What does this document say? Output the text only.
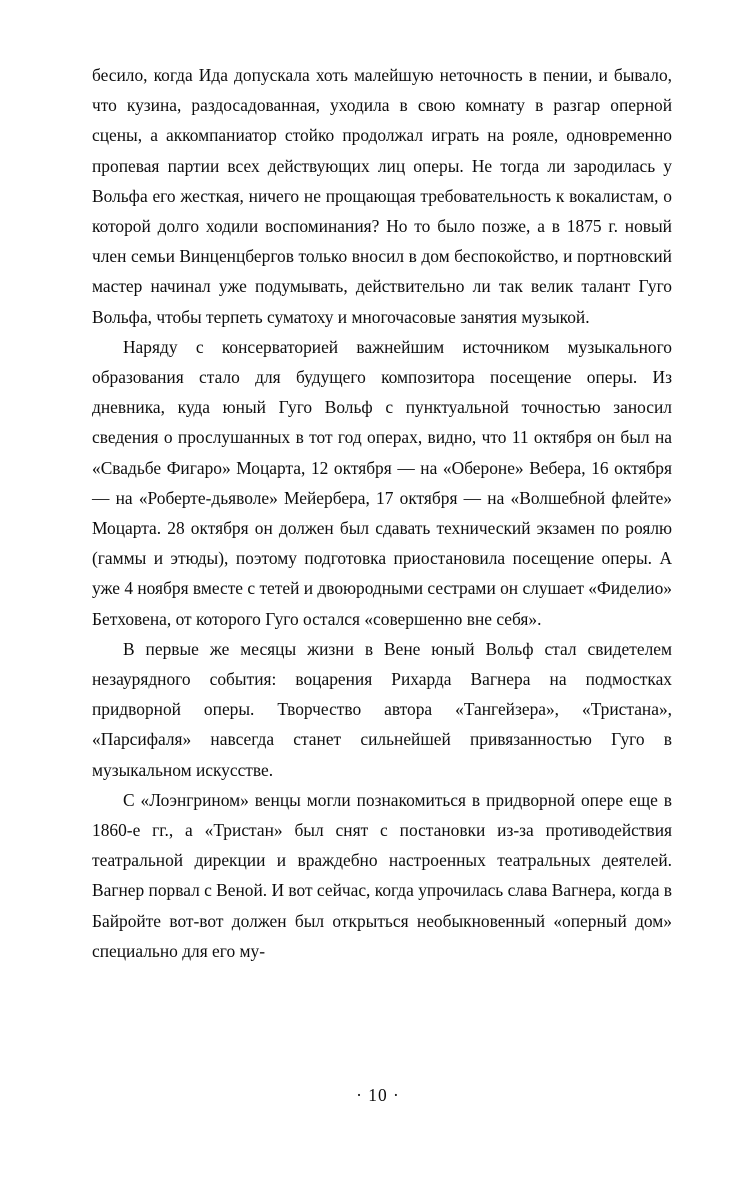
бесило, когда Ида допускала хоть малейшую неточность в пении, и бывало, что кузина, раздосадованная, уходила в свою комнату в разгар оперной сцены, а аккомпаниатор стойко продолжал играть на рояле, одновременно пропевая партии всех действующих лиц оперы. Не тогда ли зародилась у Вольфа его жесткая, ничего не прощающая требовательность к вокалистам, о которой долго ходили воспоминания? Но то было позже, а в 1875 г. новый член семьи Винценцбергов только вносил в дом беспокойство, и портновский мастер начинал уже подумывать, действительно ли так велик талант Гуго Вольфа, чтобы терпеть суматоху и многочасовые занятия музыкой.

Наряду с консерваторией важнейшим источником музыкального образования стало для будущего композитора посещение оперы. Из дневника, куда юный Гуго Вольф с пунктуальной точностью заносил сведения о прослушанных в тот год операх, видно, что 11 октября он был на «Свадьбе Фигаро» Моцарта, 12 октября — на «Обероне» Вебера, 16 октября — на «Роберте-дьяволе» Мейербера, 17 октября — на «Волшебной флейте» Моцарта. 28 октября он должен был сдавать технический экзамен по роялю (гаммы и этюды), поэтому подготовка приостановила посещение оперы. А уже 4 ноября вместе с тетей и двоюродными сестрами он слушает «Фиделио» Бетховена, от которого Гуго остался «совершенно вне себя».

В первые же месяцы жизни в Вене юный Вольф стал свидетелем незаурядного события: воцарения Рихарда Вагнера на подмостках придворной оперы. Творчество автора «Тангейзера», «Тристана», «Парсифаля» навсегда станет сильнейшей привязанностью Гуго в музыкальном искусстве.

С «Лоэнгрином» венцы могли познакомиться в придворной опере еще в 1860-е гг., а «Тристан» был снят с постановки из-за противодействия театральной дирекции и враждебно настроенных театральных деятелей. Вагнер порвал с Веной. И вот сейчас, когда упрочилась слава Вагнера, когда в Байройте вот-вот должен был открыться необыкновенный «оперный дом» специально для его му-

· 10 ·
